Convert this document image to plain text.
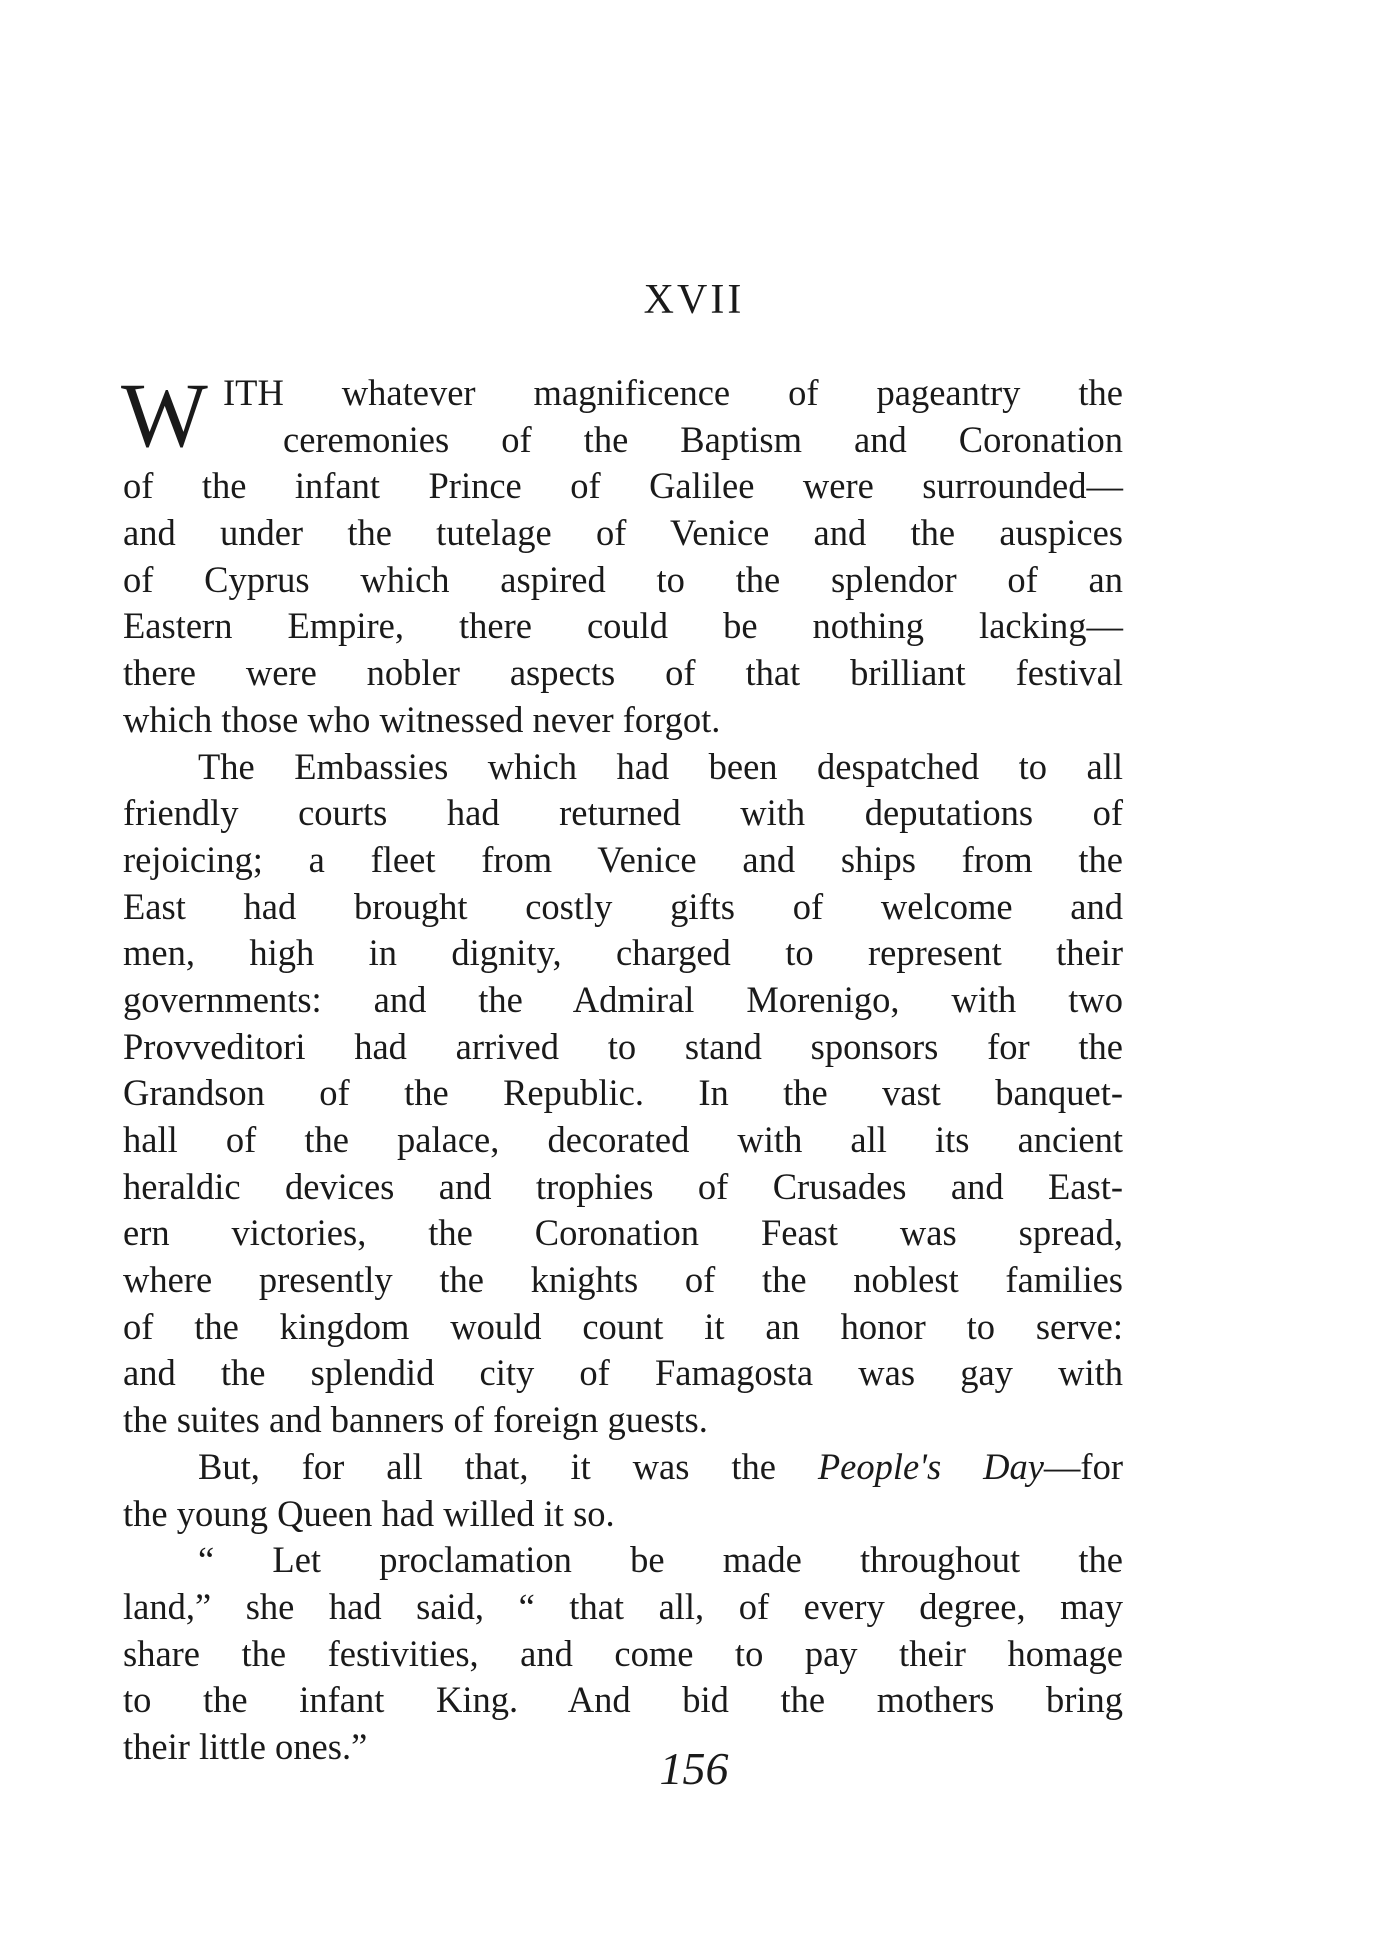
XVII
W ITH whatever magnificence of pageantry the
ceremonies of the Baptism and Coronation
of the infant Prince of Galilee were surrounded—
and under the tutelage of Venice and the auspices
of Cyprus which aspired to the splendor of an
Eastern Empire, there could be nothing lacking—
there were nobler aspects of that brilliant festival
which those who witnessed never forgot.
The Embassies which had been despatched to all
friendly courts had returned with deputations of
rejoicing; a fleet from Venice and ships from the
East had brought costly gifts of welcome and
men, high in dignity, charged to represent their
governments: and the Admiral Morenigo, with two
Provveditori had arrived to stand sponsors for the
Grandson of the Republic. In the vast banquet-
hall of the palace, decorated with all its ancient
heraldic devices and trophies of Crusades and East-
ern victories, the Coronation Feast was spread,
where presently the knights of the noblest families
of the kingdom would count it an honor to serve:
and the splendid city of Famagosta was gay with
the suites and banners of foreign guests.
But, for all that, it was the People's Day—for
the young Queen had willed it so.
“ Let proclamation be made throughout the
land,” she had said, “ that all, of every degree, may
share the festivities, and come to pay their homage
to the infant King. And bid the mothers bring
their little ones.”	156
